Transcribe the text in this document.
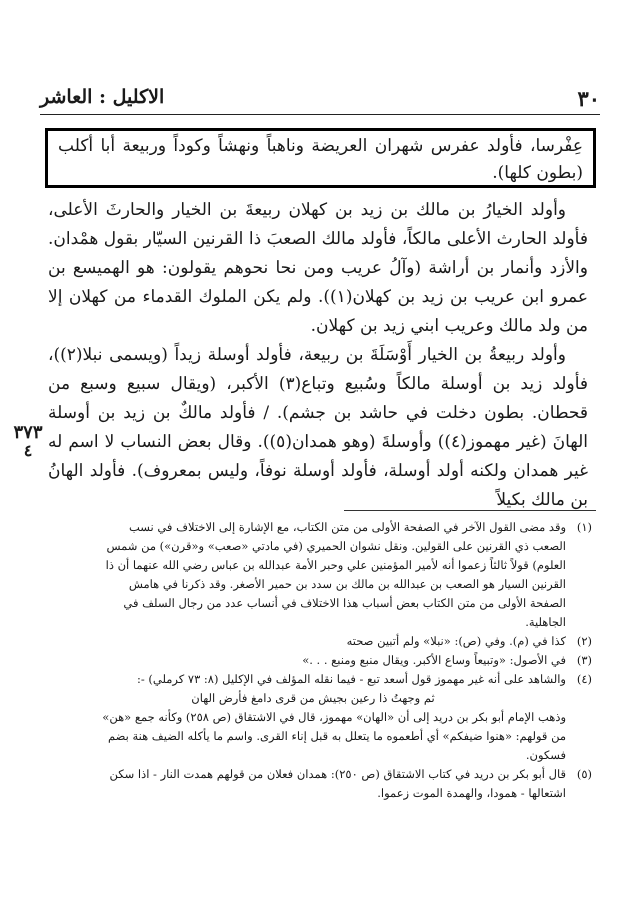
٣٠
الاكليل : العاشر
عِفْرسا، فأولد عفرس شهران العريضة وناهباً ونهشاً وكوداً وربيعة أبا أكلب (بطون كلها).

وأولد الخيارُ بن مالك بن زيد بن كهلان ربيعةَ بن الخيار والحارثَ الأعلى، فأولد الحارث الأعلى مالكاً، فأولد مالك الصعبَ ذا القرنين السيّار بقول همْدان. والأزد وأنمار بن أراشة (وآلُ عريب ومن نحا نحوهم يقولون: هو الهميسع بن عمرو ابن عريب بن زيد بن كهلان(١)). ولم يكن الملوك القدماء من كهلان إلا من ولد مالك وعريب ابني زيد بن كهلان.

وأولد ربيعةُ بن الخيار أَوْسَلَةَ بن ربيعة، فأولد أوسلة زيداً (ويسمى نبلا(٢))، فأولد زيد بن أوسلة مالكاً وسُبيع وتباع(٣) الأكبر، (ويقال سبيع وسبع من قحطان. بطون دخلت في حاشد بن جشم). / فأولد مالكٌ بن زيد بن أوسلة الهانَ (غير مهموز(٤)) وأوسلةَ (وهو همدان(٥)). وقال بعض النساب لا اسم له غير همدان ولكنه أولد أوسلة، فأولد أوسلة نوفاً، وليس بمعروف). فأولد الهانُ بن مالك بكيلاً

٣٧٣
٤
(١)
وقد مضى القول الآخر في الصفحة الأولى من متن الكتاب، مع الإشارة إلى الاختلاف في نسب
الصعب ذي القرنين على القولين. ونقل نشوان الحميري (في مادتي «صعب» و«قرن») من شمس
العلوم) قولاً ثالثاً زعموا أنه لأمير المؤمنين علي وحبر الأمة عبدالله بن عباس رضي الله عنهما أن ذا
القرنين السيار هو الصعب بن عبدالله بن مالك بن سدد بن حمير الأصغر. وقد ذكرنا في هامش
الصفحة الأولى من متن الكتاب بعض أسباب هذا الاختلاف في أنساب عدد من رجال السلف في
الجاهلية.
(٢)
كذا في (م). وفي (ص): «نبلا» ولم أتبين صحته
(٣)
في الأصول: «وتبيعاً وساع الأكبر. ويقال منبع ومنبع . . .»
(٤)
والشاهد على أنه غير مهموز قول أسعد تبع - فيما نقله المؤلف في الإكليل (٨: ٧٣ كرملي) -:
ثم وجهتُ ذا رعين بجيش من قرى دامغ فأرض الهان
وذهب الإمام أبو بكر بن دريد إلى أن «الهان» مهموز، قال في الاشتقاق (ص ٢٥٨) وكأنه جمع «هن»
من قولهم: «هنوا ضيفكم» أي أطعموه ما يتعلل به قبل إناء القرى. واسم ما يأكله الضيف هنة بضم
فسكون.
(٥)
قال أبو بكر بن دريد في كتاب الاشتقاق (ص ٢٥٠): همدان فعلان من قولهم همدت النار - اذا سكن
اشتعالها - همودا، والهمدة الموت زعموا.
